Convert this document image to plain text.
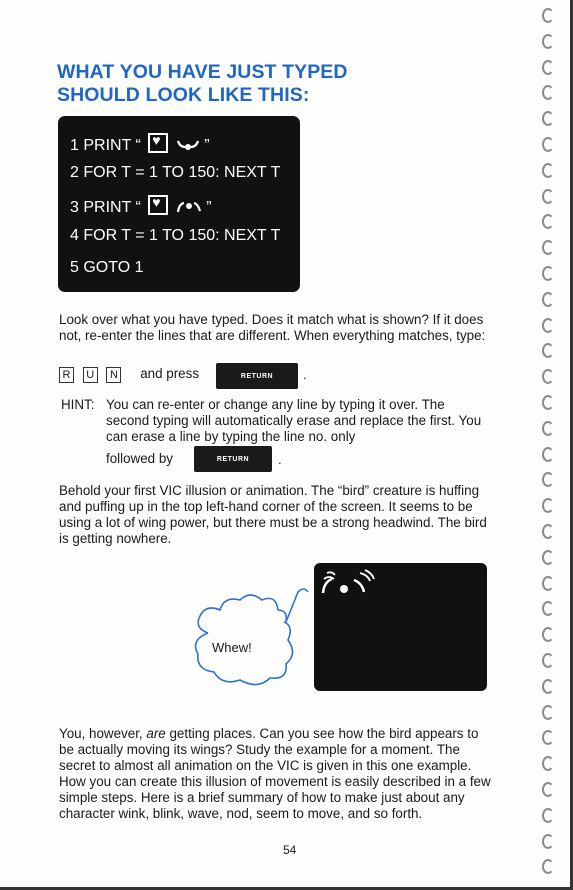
WHAT YOU HAVE JUST TYPED
SHOULD LOOK LIKE THIS:
1 PRINT “ ♥	”
2 FOR T = 1 TO 150: NEXT T
3 PRINT “ ♥	”
4 FOR T = 1 TO 150: NEXT T
5 GOTO 1
Look over what you have typed. Does it match what is shown? If it does not, re-enter the lines that are different. When everything matches, type:
R U N and press	RETURN	.
HINT: You can re-enter or change any line by typing it over. The second typing will automatically erase and replace the first. You can erase a line by typing the line no. only
followed by	RETURN	.
Behold your first VIC illusion or animation. The “bird” creature is huffing and puffing up in the top left-hand corner of the screen. It seems to be using a lot of wing power, but there must be a strong headwind. The bird is getting nowhere.
Whew!
You, however, are getting places. Can you see how the bird appears to be actually moving its wings? Study the example for a moment. The secret to almost all animation on the VIC is given in this one example. How you can create this illusion of movement is easily described in a few simple steps. Here is a brief summary of how to make just about any character wink, blink, wave, nod, seem to move, and so forth.
54
